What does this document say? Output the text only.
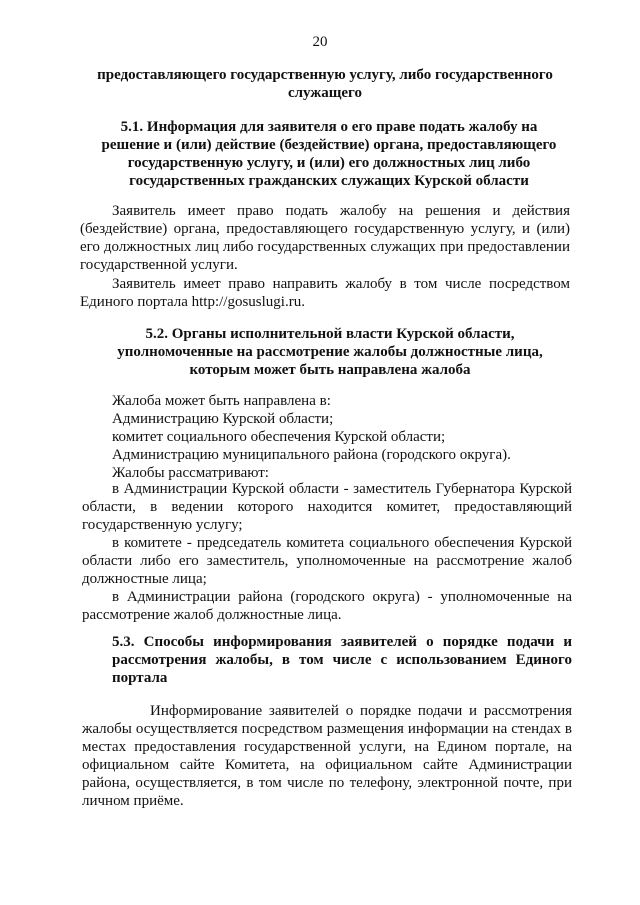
20
предоставляющего государственную услугу, либо государственного служащего
5.1. Информация для заявителя о его праве подать жалобу на решение и (или) действие (бездействие) органа, предоставляющего государственную услугу, и (или) его должностных лиц либо государственных гражданских служащих Курской области
Заявитель имеет право подать жалобу на решения и действия (бездействие) органа, предоставляющего государственную услугу, и (или) его должностных лиц либо государственных служащих при предоставлении государственной услуги.
Заявитель имеет право направить жалобу в том числе посредством Единого портала http://gosuslugi.ru.
5.2. Органы исполнительной власти Курской области, уполномоченные на рассмотрение жалобы должностные лица, которым может быть направлена жалоба
Жалоба может быть направлена в:
Администрацию Курской области;
комитет социального обеспечения Курской области;
Администрацию муниципального района (городского округа).
Жалобы рассматривают:
в Администрации Курской области - заместитель Губернатора Курской области, в ведении которого находится комитет, предоставляющий государственную услугу;
в комитете - председатель комитета социального обеспечения Курской области либо его заместитель, уполномоченные на рассмотрение жалоб должностные лица;
в Администрации района (городского округа) - уполномоченные на рассмотрение жалоб должностные лица.
5.3. Способы информирования заявителей о порядке подачи и рассмотрения жалобы, в том числе с использованием Единого портала
Информирование заявителей о порядке подачи и рассмотрения жалобы осуществляется посредством размещения информации на стендах в местах предоставления государственной услуги, на Едином портале, на официальном сайте Комитета, на официальном сайте Администрации района, осуществляется, в том числе по телефону, электронной почте, при личном приёме.
